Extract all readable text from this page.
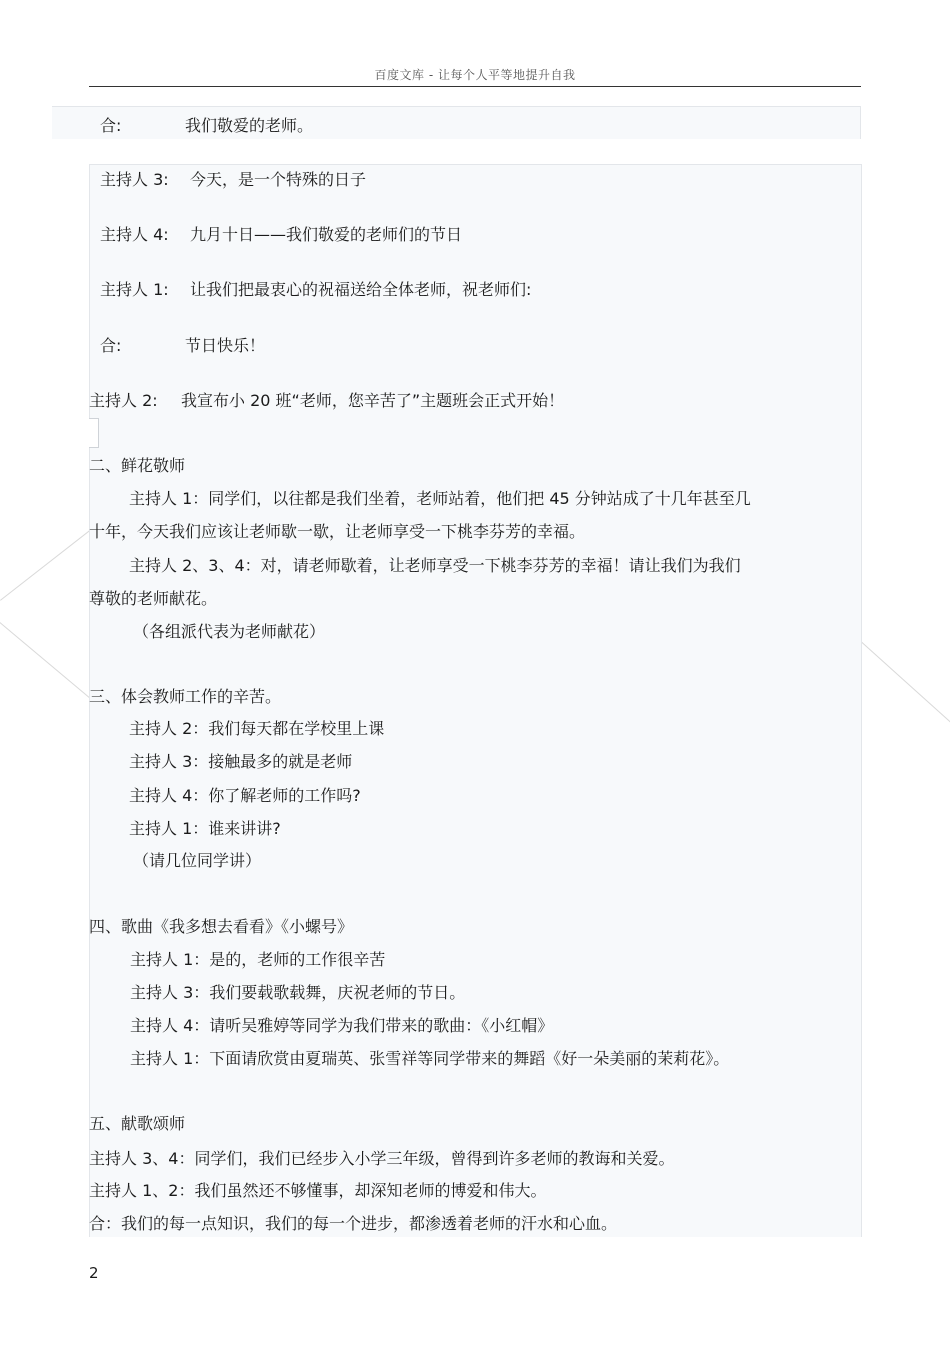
百度文库 - 让每个人平等地提升自我
合:	我们敬爱的老师。
主持人 3: 今天，是一个特殊的日子
主持人 4: 九月十日——我们敬爱的老师们的节日
主持人 1: 让我们把最衷心的祝福送给全体老师，祝老师们:
合:	节日快乐！
主持人 2: 我宣布小 20 班“老师，您辛苦了”主题班会正式开始！
二、鲜花敬师
主持人 1：同学们，以往都是我们坐着，老师站着，他们把 45 分钟站成了十几年甚至几
十年，今天我们应该让老师歇一歇，让老师享受一下桃李芬芳的幸福。
主持人 2、3、4：对，请老师歇着，让老师享受一下桃李芬芳的幸福！请让我们为我们
尊敬的老师献花。
（各组派代表为老师献花）
三、体会教师工作的辛苦。
主持人 2：我们每天都在学校里上课
主持人 3：接触最多的就是老师
主持人 4：你了解老师的工作吗?
主持人 1：谁来讲讲?
（请几位同学讲）
四、歌曲《我多想去看看》《小螺号》
主持人 1：是的，老师的工作很辛苦
主持人 3：我们要载歌载舞，庆祝老师的节日。
主持人 4：请听吴雅婷等同学为我们带来的歌曲：《小红帽》
主持人 1：下面请欣赏由夏瑞英、张雪祥等同学带来的舞蹈《好一朵美丽的茉莉花》。
五、献歌颂师
主持人 3、4：同学们，我们已经步入小学三年级，曾得到许多老师的教诲和关爱。
主持人 1、2：我们虽然还不够懂事，却深知老师的博爱和伟大。
合：我们的每一点知识，我们的每一个进步，都渗透着老师的汗水和心血。
2
